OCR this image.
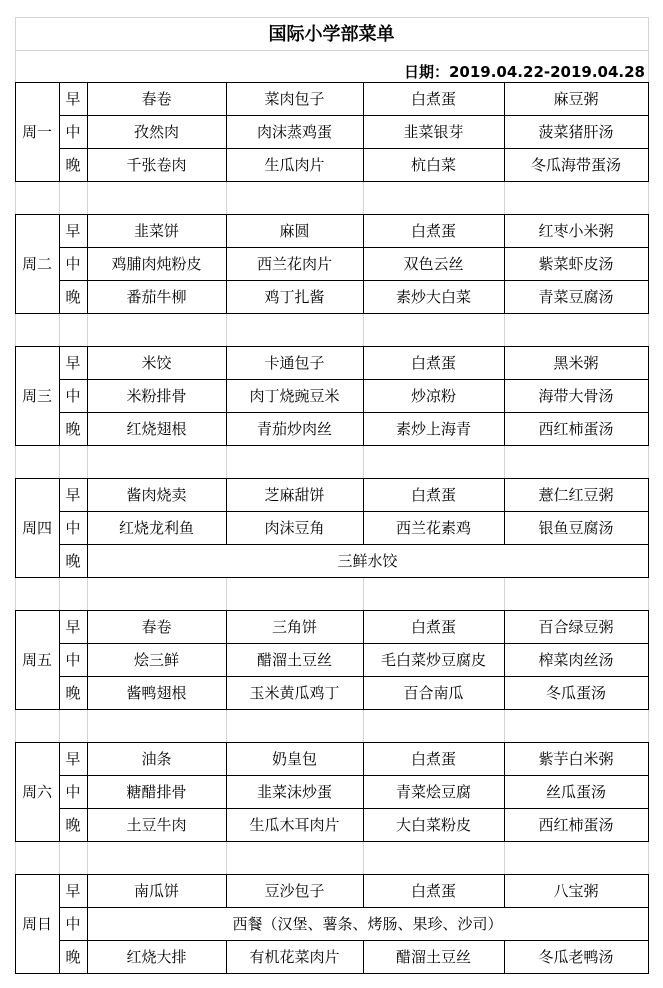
国际小学部菜单
日期：2019.04.22-2019.04.28
周一
早	春卷	菜肉包子	白煮蛋	麻豆粥
中	孜然肉	肉沫蒸鸡蛋	韭菜银芽	菠菜猪肝汤
晚	千张卷肉	生瓜肉片	杭白菜	冬瓜海带蛋汤
周二
早	韭菜饼	麻圆	白煮蛋	红枣小米粥
中	鸡脯肉炖粉皮	西兰花肉片	双色云丝	紫菜虾皮汤
晚	番茄牛柳	鸡丁扎酱	素炒大白菜	青菜豆腐汤
周三
早	米饺	卡通包子	白煮蛋	黑米粥
中	米粉排骨	肉丁烧豌豆米	炒凉粉	海带大骨汤
晚	红烧翅根	青茄炒肉丝	素炒上海青	西红柿蛋汤
周四
早	酱肉烧卖	芝麻甜饼	白煮蛋	薏仁红豆粥
中	红烧龙利鱼	肉沫豆角	西兰花素鸡	银鱼豆腐汤
晚	三鲜水饺
周五
早	春卷	三角饼	白煮蛋	百合绿豆粥
中	烩三鲜	醋溜土豆丝	毛白菜炒豆腐皮	榨菜肉丝汤
晚	酱鸭翅根	玉米黄瓜鸡丁	百合南瓜	冬瓜蛋汤
周六
早	油条	奶皇包	白煮蛋	紫芋白米粥
中	糖醋排骨	韭菜沫炒蛋	青菜烩豆腐	丝瓜蛋汤
晚	土豆牛肉	生瓜木耳肉片	大白菜粉皮	西红柿蛋汤
周日
早	南瓜饼	豆沙包子	白煮蛋	八宝粥
中	西餐（汉堡、薯条、烤肠、果珍、沙司）
晚	红烧大排	有机花菜肉片	醋溜土豆丝	冬瓜老鸭汤
